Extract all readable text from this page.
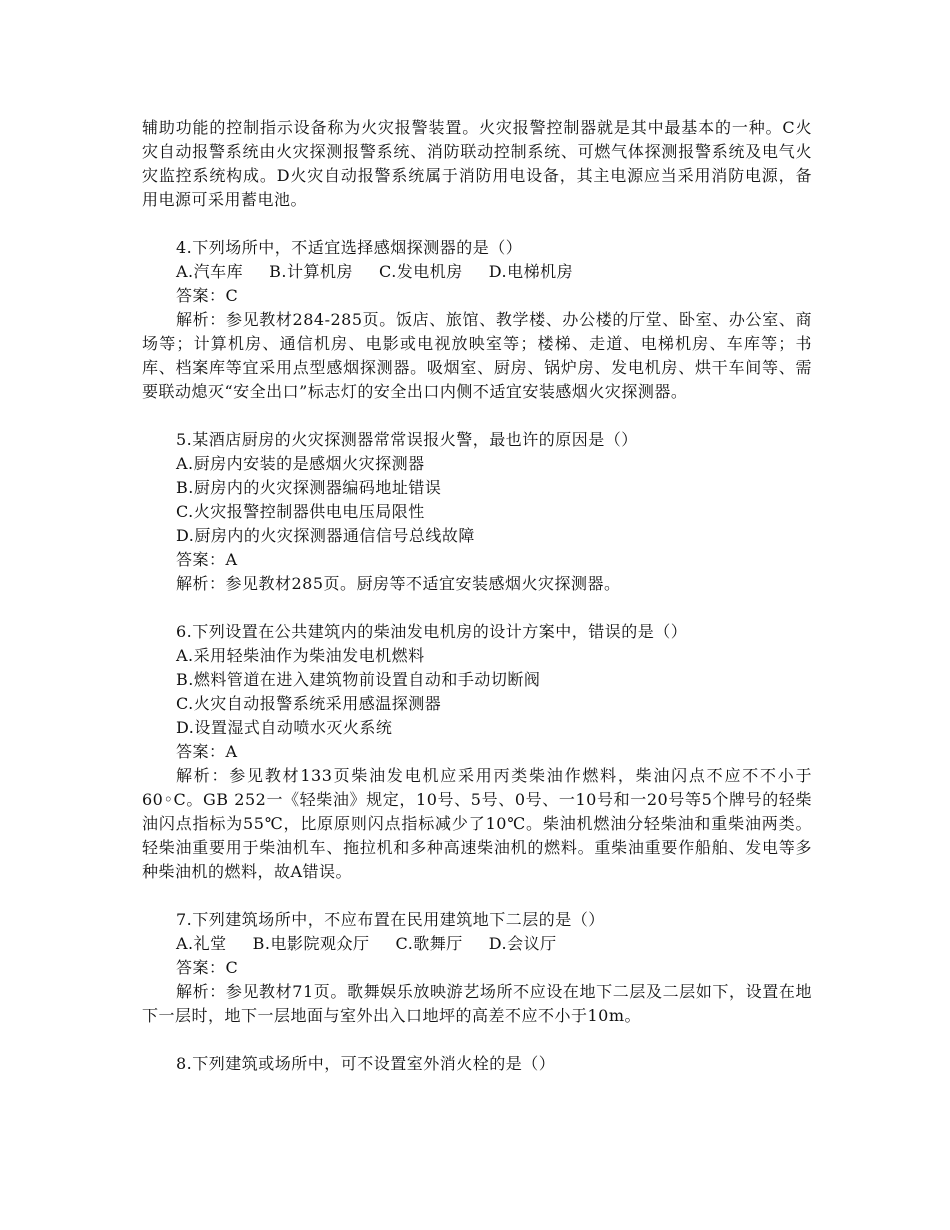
辅助功能的控制指示设备称为火灾报警装置。火灾报警控制器就是其中最基本的一种。C火灾自动报警系统由火灾探测报警系统、消防联动控制系统、可燃气体探测报警系统及电气火灾监控系统构成。D火灾自动报警系统属于消防用电设备，其主电源应当采用消防电源，备用电源可采用蓄电池。

4.下列场所中，不适宜选择感烟探测器的是（）

A.汽车库 B.计算机房 C.发电机房 D.电梯机房

答案：C

解析：参见教材284-285页。饭店、旅馆、教学楼、办公楼的厅堂、卧室、办公室、商场等；计算机房、通信机房、电影或电视放映室等；楼梯、走道、电梯机房、车库等；书库、档案库等宜采用点型感烟探测器。吸烟室、厨房、锅炉房、发电机房、烘干车间等、需要联动熄灭“安全出口”标志灯的安全出口内侧不适宜安装感烟火灾探测器。

5.某酒店厨房的火灾探测器常常误报火警，最也许的原因是（）

A.厨房内安装的是感烟火灾探测器

B.厨房内的火灾探测器编码地址错误

C.火灾报警控制器供电电压局限性

D.厨房内的火灾探测器通信信号总线故障

答案：A

解析：参见教材285页。厨房等不适宜安装感烟火灾探测器。

6.下列设置在公共建筑内的柴油发电机房的设计方案中，错误的是（）

A.采用轻柴油作为柴油发电机燃料

B.燃料管道在进入建筑物前设置自动和手动切断阀

C.火灾自动报警系统采用感温探测器

D.设置湿式自动喷水灭火系统

答案：A

解析：参见教材133页柴油发电机应采用丙类柴油作燃料，柴油闪点不应不不小于60◦C。GB 252一《轻柴油》规定，10号、5号、0号、一10号和一20号等5个牌号的轻柴油闪点指标为55℃，比原原则闪点指标减少了10℃。柴油机燃油分轻柴油和重柴油两类。轻柴油重要用于柴油机车、拖拉机和多种高速柴油机的燃料。重柴油重要作船舶、发电等多种柴油机的燃料，故A错误。

7.下列建筑场所中，不应布置在民用建筑地下二层的是（）

A.礼堂 B.电影院观众厅 C.歌舞厅 D.会议厅

答案：C

解析：参见教材71页。歌舞娱乐放映游艺场所不应设在地下二层及二层如下，设置在地下一层时，地下一层地面与室外出入口地坪的高差不应不小于10m。

8.下列建筑或场所中，可不设置室外消火栓的是（）
